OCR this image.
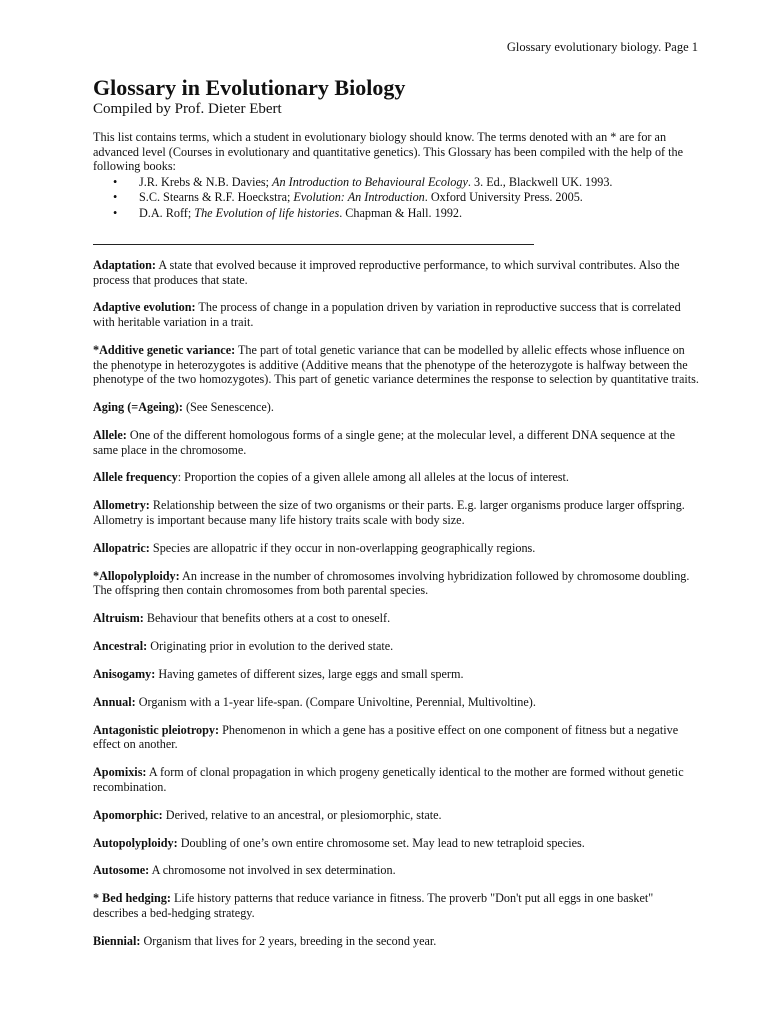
Glossary evolutionary biology. Page 1
Glossary in Evolutionary Biology
Compiled by Prof. Dieter Ebert

This list contains terms, which a student in evolutionary biology should know. The terms denoted with an * are for an advanced level (Courses in evolutionary and quantitative genetics). This Glossary has been compiled with the help of the following books:

• J.R. Krebs & N.B. Davies; An Introduction to Behavioural Ecology. 3. Ed., Blackwell UK. 1993.
• S.C. Stearns & R.F. Hoeckstra; Evolution: An Introduction. Oxford University Press. 2005.
• D.A. Roff; The Evolution of life histories. Chapman & Hall. 1992.

Adaptation: A state that evolved because it improved reproductive performance, to which survival contributes. Also the process that produces that state.

Adaptive evolution: The process of change in a population driven by variation in reproductive success that is correlated with heritable variation in a trait.

*Additive genetic variance: The part of total genetic variance that can be modelled by allelic effects whose influence on the phenotype in heterozygotes is additive (Additive means that the phenotype of the heterozygote is halfway between the phenotype of the two homozygotes). This part of genetic variance determines the response to selection by quantitative traits.

Aging (=Ageing): (See Senescence).

Allele: One of the different homologous forms of a single gene; at the molecular level, a different DNA sequence at the same place in the chromosome.

Allele frequency: Proportion the copies of a given allele among all alleles at the locus of interest.

Allometry: Relationship between the size of two organisms or their parts. E.g. larger organisms produce larger offspring. Allometry is important because many life history traits scale with body size.

Allopatric: Species are allopatric if they occur in non-overlapping geographically regions.

*Allopolyploidy: An increase in the number of chromosomes involving hybridization followed by chromosome doubling. The offspring then contain chromosomes from both parental species.

Altruism: Behaviour that benefits others at a cost to oneself.

Ancestral: Originating prior in evolution to the derived state.

Anisogamy: Having gametes of different sizes, large eggs and small sperm.

Annual: Organism with a 1-year life-span. (Compare Univoltine, Perennial, Multivoltine).

Antagonistic pleiotropy: Phenomenon in which a gene has a positive effect on one component of fitness but a negative effect on another.

Apomixis: A form of clonal propagation in which progeny genetically identical to the mother are formed without genetic recombination.

Apomorphic: Derived, relative to an ancestral, or plesiomorphic, state.

Autopolyploidy: Doubling of one’s own entire chromosome set. May lead to new tetraploid species.

Autosome: A chromosome not involved in sex determination.

* Bed hedging: Life history patterns that reduce variance in fitness. The proverb "Don't put all eggs in one basket" describes a bed-hedging strategy.

Biennial: Organism that lives for 2 years, breeding in the second year.
